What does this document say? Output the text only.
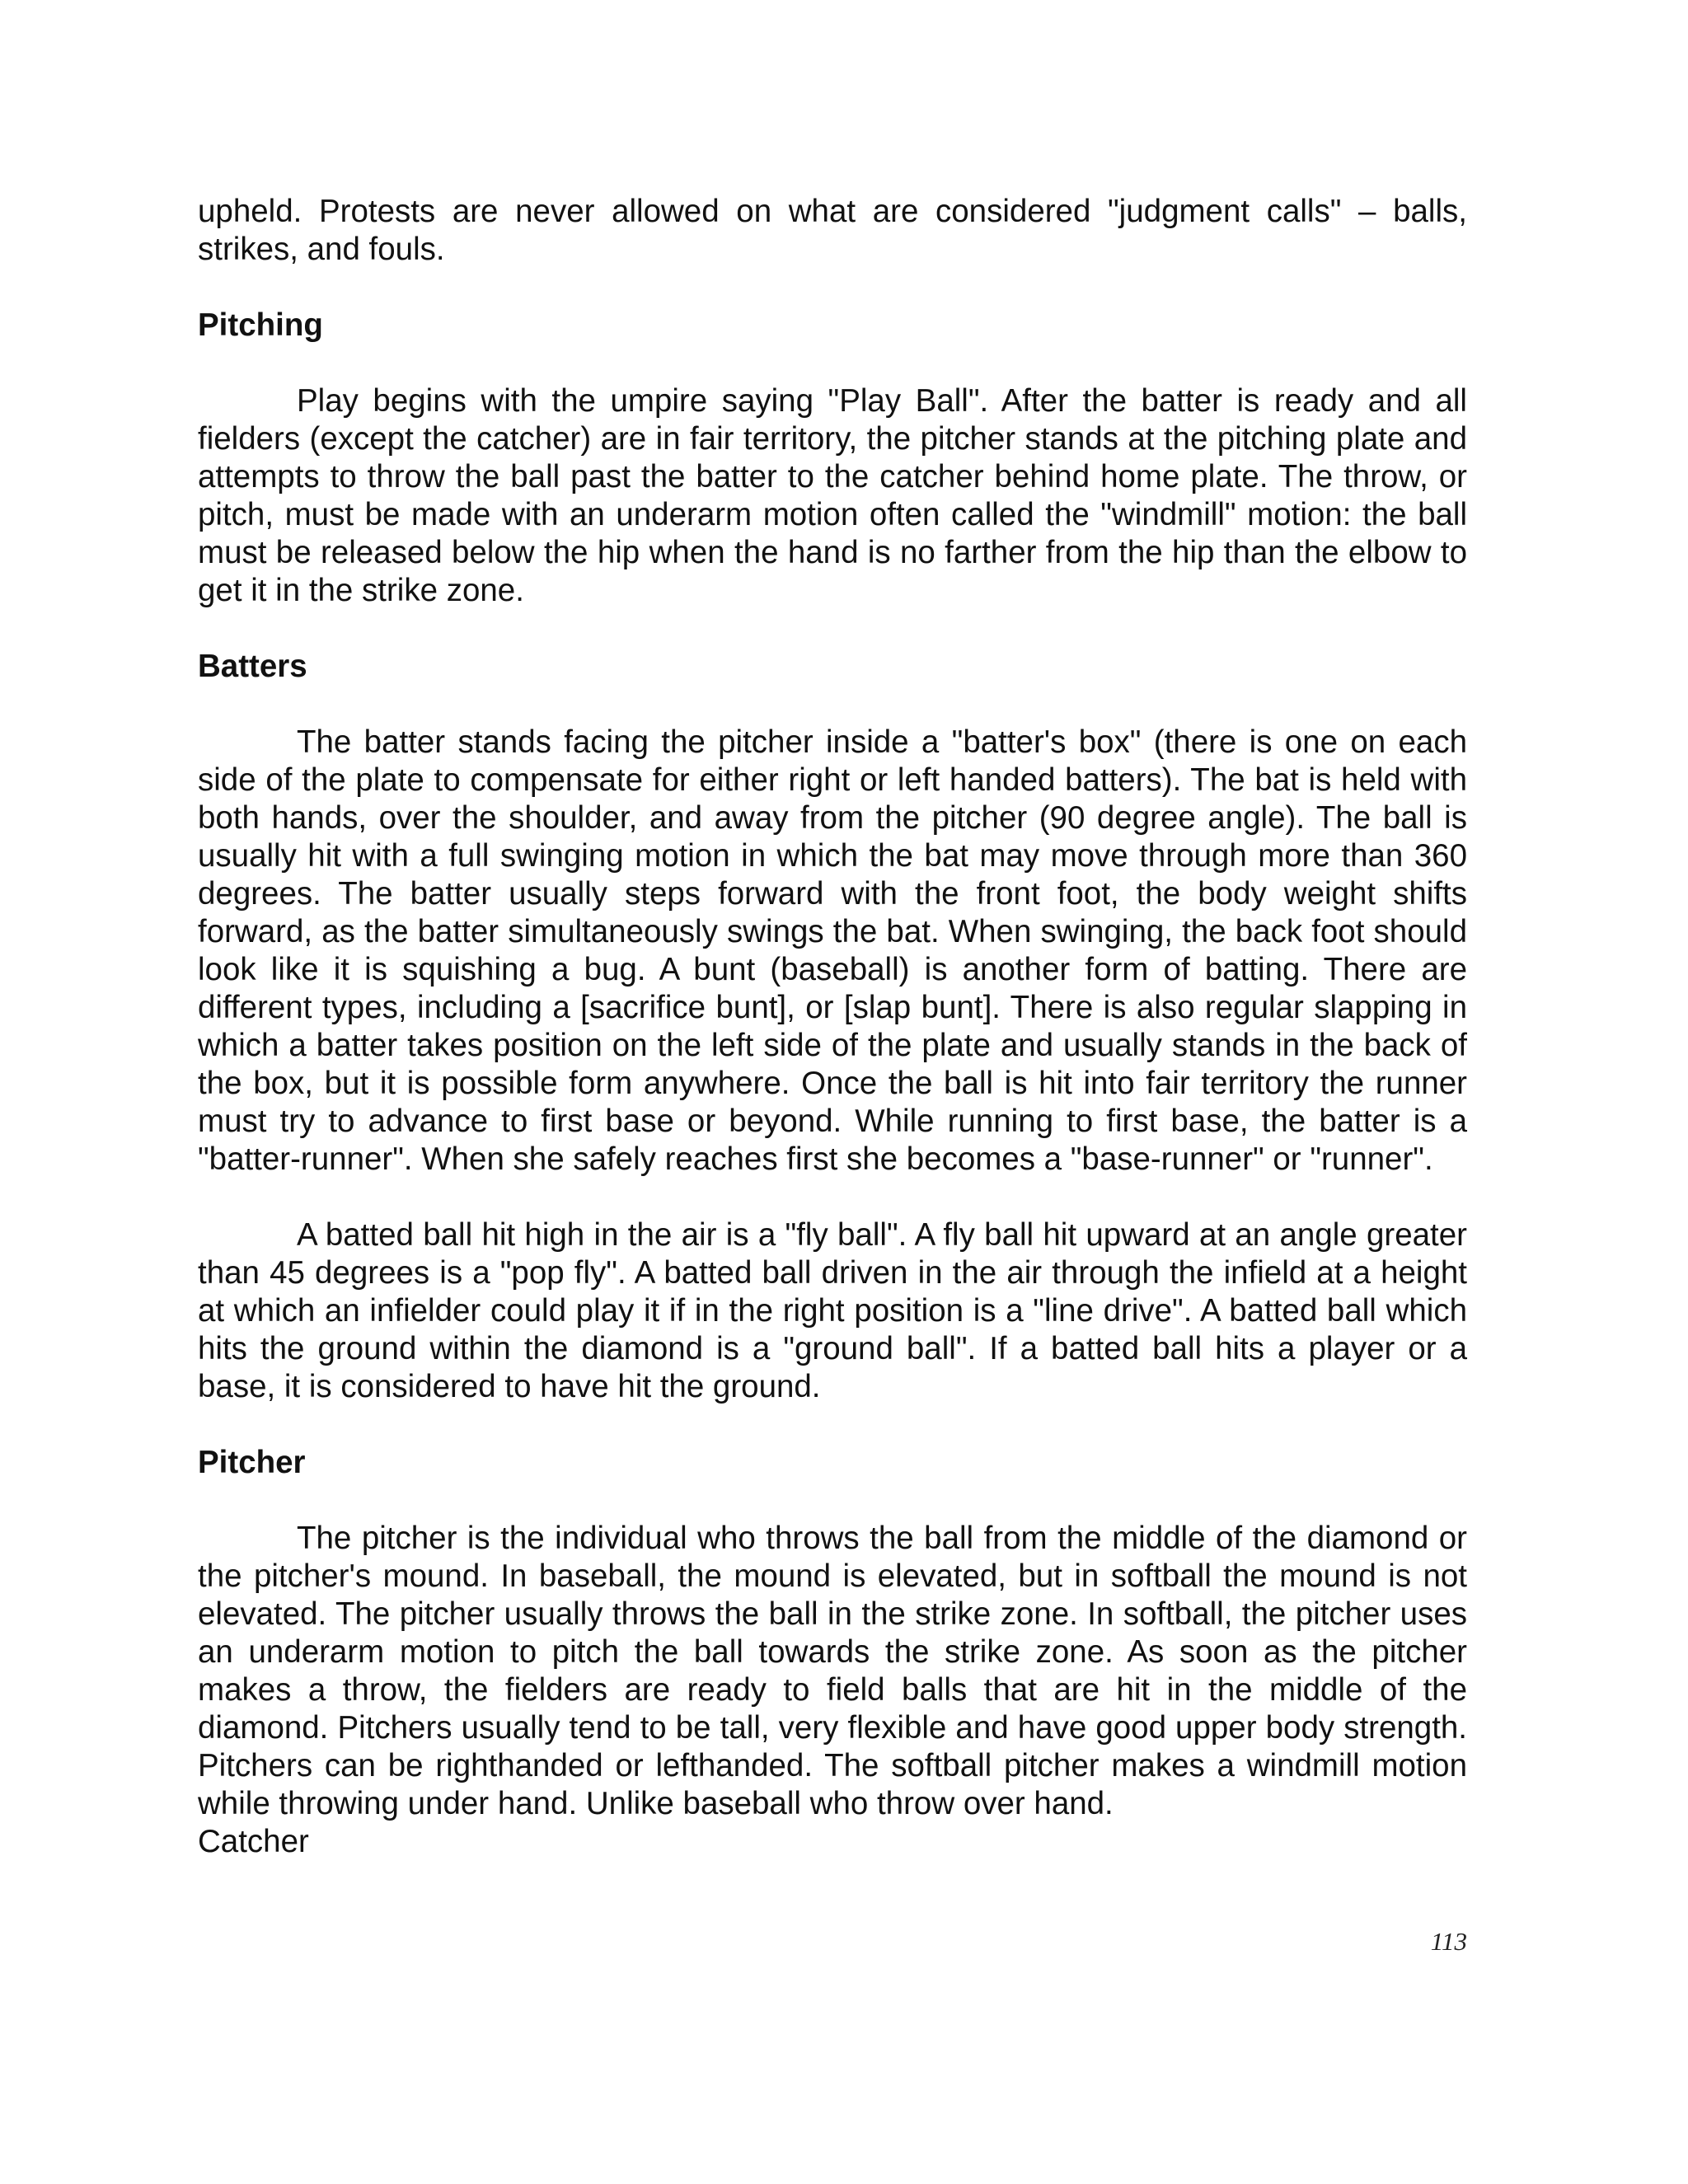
upheld. Protests are never allowed on what are considered "judgment calls" – balls, strikes, and fouls.

Pitching

Play begins with the umpire saying "Play Ball". After the batter is ready and all fielders (except the catcher) are in fair territory, the pitcher stands at the pitching plate and attempts to throw the ball past the batter to the catcher behind home plate. The throw, or pitch, must be made with an underarm motion often called the "windmill" motion: the ball must be released below the hip when the hand is no farther from the hip than the elbow to get it in the strike zone.

Batters

The batter stands facing the pitcher inside a "batter's box" (there is one on each side of the plate to compensate for either right or left handed batters). The bat is held with both hands, over the shoulder, and away from the pitcher (90 degree angle). The ball is usually hit with a full swinging motion in which the bat may move through more than 360 degrees. The batter usually steps forward with the front foot, the body weight shifts forward, as the batter simultaneously swings the bat. When swinging, the back foot should look like it is squishing a bug. A bunt (baseball) is another form of batting. There are different types, including a [sacrifice bunt], or [slap bunt]. There is also regular slapping in which a batter takes position on the left side of the plate and usually stands in the back of the box, but it is possible form anywhere. Once the ball is hit into fair territory the runner must try to advance to first base or beyond. While running to first base, the batter is a "batter-runner". When she safely reaches first she becomes a "base-runner" or "runner".

A batted ball hit high in the air is a "fly ball". A fly ball hit upward at an angle greater than 45 degrees is a "pop fly". A batted ball driven in the air through the infield at a height at which an infielder could play it if in the right position is a "line drive". A batted ball which hits the ground within the diamond is a "ground ball". If a batted ball hits a player or a base, it is considered to have hit the ground.

Pitcher

The pitcher is the individual who throws the ball from the middle of the diamond or the pitcher's mound. In baseball, the mound is elevated, but in softball the mound is not elevated. The pitcher usually throws the ball in the strike zone. In softball, the pitcher uses an underarm motion to pitch the ball towards the strike zone. As soon as the pitcher makes a throw, the fielders are ready to field balls that are hit in the middle of the diamond. Pitchers usually tend to be tall, very flexible and have good upper body strength. Pitchers can be righthanded or lefthanded. The softball pitcher makes a windmill motion while throwing under hand. Unlike baseball who throw over hand.

Catcher
113
